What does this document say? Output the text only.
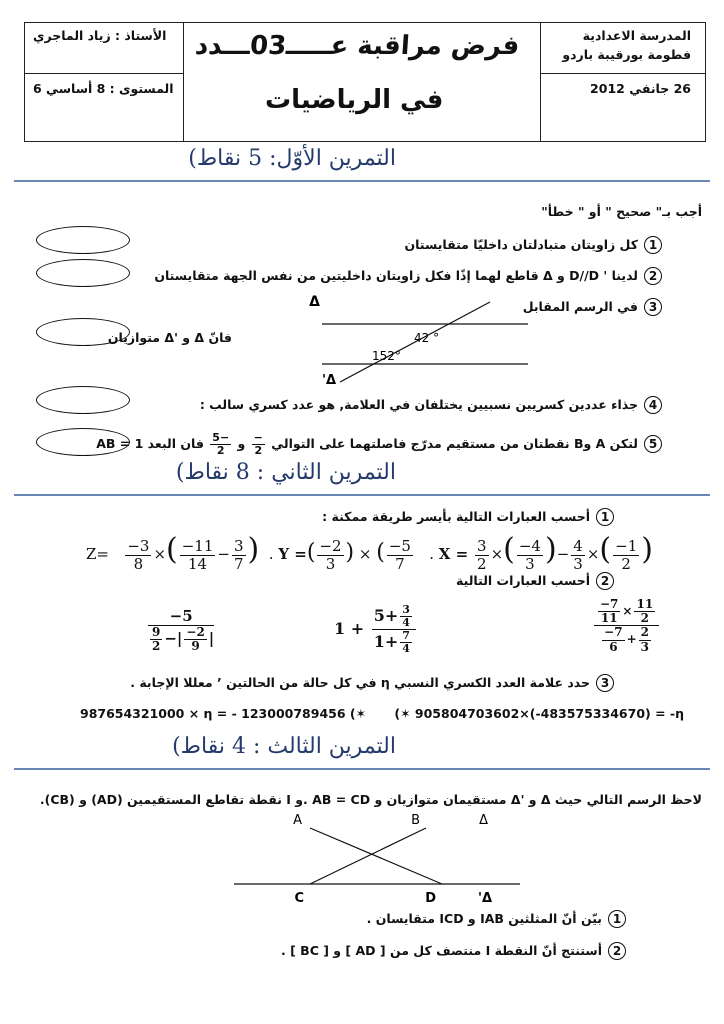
المدرسة الاعدادية
فطومة بورقيبة باردو
26 جانفي 2012
فرض مراقبة عـــــ03ـــدد
في الرياضيات
الأستاذ : زياد الماجري
المستوى : 8 أساسي 6
التمرين الأوّل: 5 نقاط)
أجب بـ" صحيح " أو " خطأ"
1كل زاويتان متبادلتان داخليّا متقايستان
2لدينا ' D//D و Δ قاطع لهما إذًا فكل زاويتان داخليتين من نفس الجهة متقايستان
3في الرسم المقابل
فانّ Δ و 'Δ متوازيان
Δ
Δ'
42 °
152°
4جذاء عددين كسريين نسبيين يختلفان في العلامة, هو عدد كسري سالب :
5لتكن A وB نقطتان من مستقيم مدرّج فاصلتهما على التوالي
$\frac{-}{2}$
و
$\frac{-5}{2}$
فان البعد AB = 1
التمرين الثاني : 8 نقاط)
1أحسب العبارات التالية بأيسر طريقة ممكنة :
$Z= \frac{-3}{8}$ ×( $\frac{-11}{14} - \frac{3}{7}$ )  . Y =( $\frac{-2}{3}$ ) × ( $\frac{-5}{7}$ . $X = \frac{3}{2}$ ×( $\frac{-4}{3}$ )− $\frac{4}{3}$ ×( $\frac{-1}{2}$ )
2أحسب العبارات التالية
$\frac{-5}{\frac{9}{2} -| \frac{-2}{9} |}$	$1 + \frac{5+ \frac{3}{4}}{1+ \frac{7}{4}}$	$\frac{\frac{-7}{11} \times \frac{11}{2}}{\frac{-7}{6} + \frac{2}{3}}$
3حدد علامة العدد الكسري النسبي η في كل حالة من الحالتين ’ معللا الإجابة .
(✶ 905804703602×(-483575334670) = -η
987654321000 × η = - 123000789456 (✶
التمرين الثالث : 4 نقاط)
لاحظ الرسم التالي حيث Δ و 'Δ مستقيمان متوازيان و AB = CD .و I نقطة تقاطع المستقيمين (AD) و (CB).
A	B	Δ
C	D	Δ'
1بيّن أنّ المثلثين IAB و ICD متقايسان .
2أستنتج أنّ النقطة I منتصف كل من [ AD ] و [ BC ] .
